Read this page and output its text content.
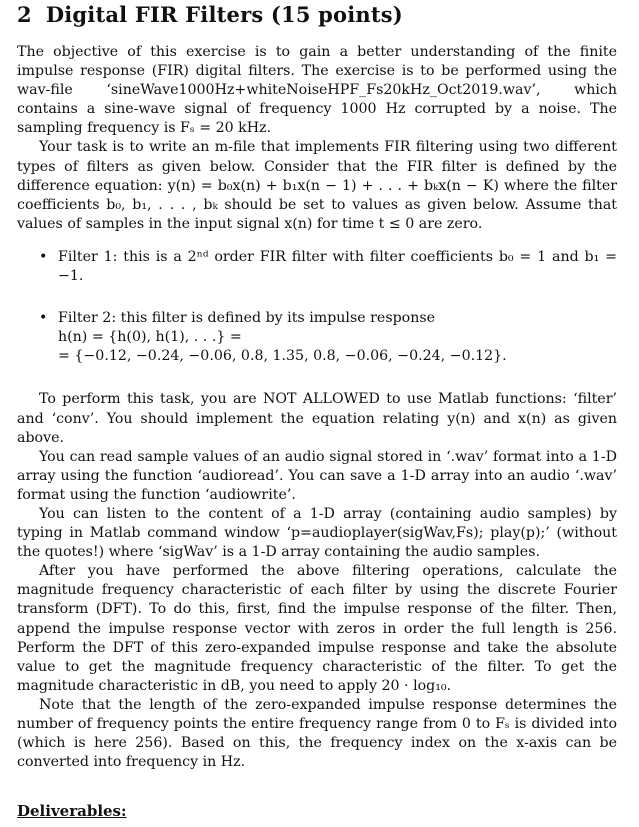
2 Digital FIR Filters (15 points)

The objective of this exercise is to gain a better understanding of the finite impulse response (FIR) digital filters. The exercise is to be performed using the wav-file ‘sineWave1000Hz+whiteNoiseHPF_Fs20kHz_Oct2019.wav’, which contains a sine-wave signal of frequency 1000 Hz corrupted by a noise. The sampling frequency is Fₛ = 20 kHz.

Your task is to write an m-file that implements FIR filtering using two different types of filters as given below. Consider that the FIR filter is defined by the difference equation: y(n) = b₀x(n) + b₁x(n − 1) + . . . + bₖx(n − K) where the filter coefficients b₀, b₁, . . . , bₖ should be set to values as given below. Assume that values of samples in the input signal x(n) for time t ≤ 0 are zero.

• Filter 1: this is a 2ⁿᵈ order FIR filter with filter coefficients b₀ = 1 and b₁ = −1.

• Filter 2: this filter is defined by its impulse response

h(n) = {h(0), h(1), . . .} =

= {−0.12, −0.24, −0.06, 0.8, 1.35, 0.8, −0.06, −0.24, −0.12}.

To perform this task, you are NOT ALLOWED to use Matlab functions: ‘filter’ and ‘conv’. You should implement the equation relating y(n) and x(n) as given above.

You can read sample values of an audio signal stored in ‘.wav’ format into a 1-D array using the function ‘audioread’. You can save a 1-D array into an audio ‘.wav’ format using the function ‘audiowrite’.

You can listen to the content of a 1-D array (containing audio samples) by typing in Matlab command window ‘p=audioplayer(sigWav,Fs); play(p);’ (without the quotes!) where ‘sigWav’ is a 1-D array containing the audio samples.

After you have performed the above filtering operations, calculate the magnitude frequency characteristic of each filter by using the discrete Fourier transform (DFT). To do this, first, find the impulse response of the filter. Then, append the impulse response vector with zeros in order the full length is 256. Perform the DFT of this zero-expanded impulse response and take the absolute value to get the magnitude frequency characteristic of the filter. To get the magnitude characteristic in dB, you need to apply 20 · log₁₀.

Note that the length of the zero-expanded impulse response determines the number of frequency points the entire frequency range from 0 to Fₛ is divided into (which is here 256). Based on this, the frequency index on the x-axis can be converted into frequency in Hz.

Deliverables:
